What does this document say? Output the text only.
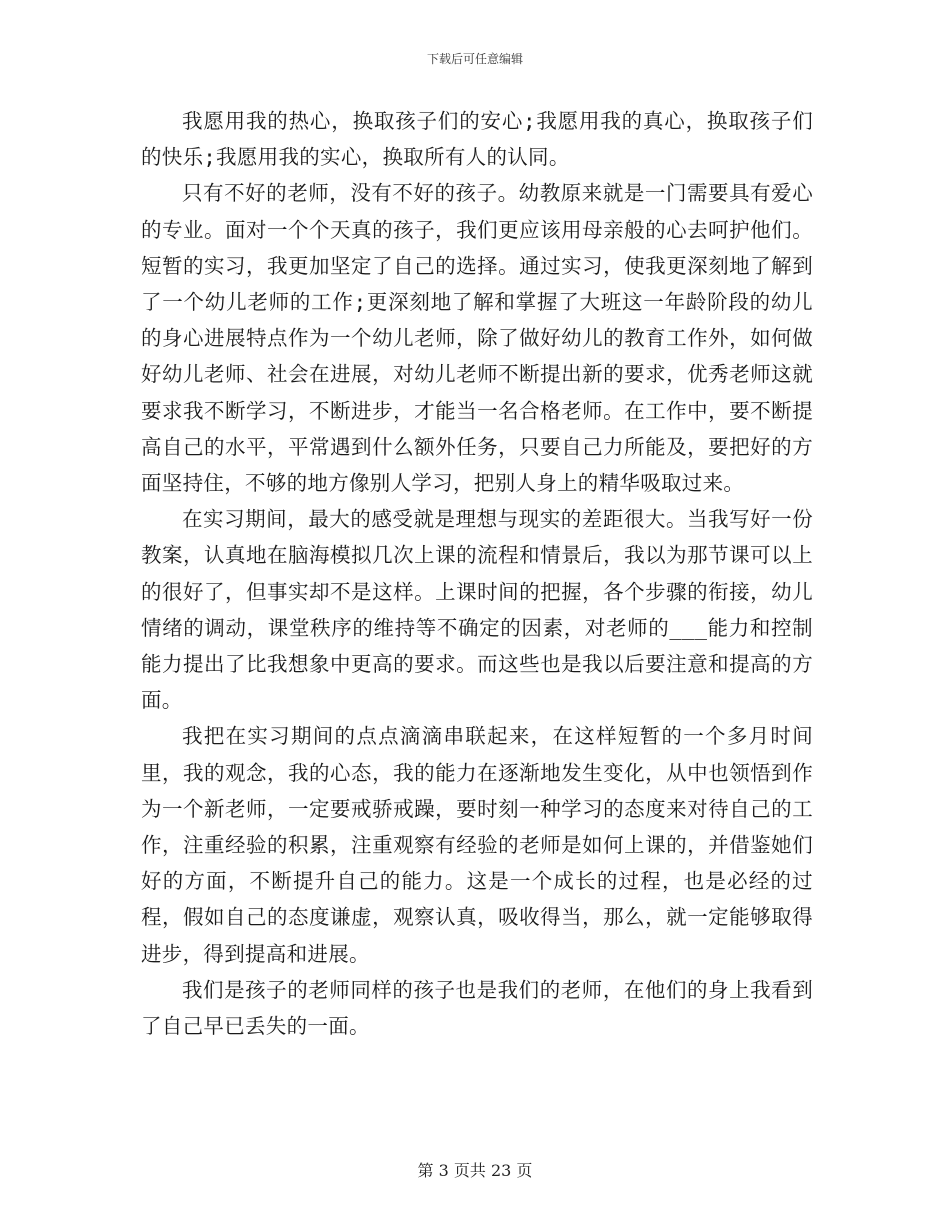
下载后可任意编辑

我愿用我的热心，换取孩子们的安心;我愿用我的真心，换取孩子们的快乐;我愿用我的实心，换取所有人的认同。

只有不好的老师，没有不好的孩子。幼教原来就是一门需要具有爱心的专业。面对一个个天真的孩子，我们更应该用母亲般的心去呵护他们。短暂的实习，我更加坚定了自己的选择。通过实习，使我更深刻地了解到了一个幼儿老师的工作;更深刻地了解和掌握了大班这一年龄阶段的幼儿的身心进展特点作为一个幼儿老师，除了做好幼儿的教育工作外，如何做好幼儿老师、社会在进展，对幼儿老师不断提出新的要求，优秀老师这就要求我不断学习，不断进步，才能当一名合格老师。在工作中，要不断提高自己的水平，平常遇到什么额外任务，只要自己力所能及，要把好的方面坚持住，不够的地方像别人学习，把别人身上的精华吸取过来。

在实习期间，最大的感受就是理想与现实的差距很大。当我写好一份教案，认真地在脑海模拟几次上课的流程和情景后，我以为那节课可以上的很好了，但事实却不是这样。上课时间的把握，各个步骤的衔接，幼儿情绪的调动，课堂秩序的维持等不确定的因素，对老师的___能力和控制能力提出了比我想象中更高的要求。而这些也是我以后要注意和提高的方面。

我把在实习期间的点点滴滴串联起来，在这样短暂的一个多月时间里，我的观念，我的心态，我的能力在逐渐地发生变化，从中也领悟到作为一个新老师，一定要戒骄戒躁，要时刻一种学习的态度来对待自己的工作，注重经验的积累，注重观察有经验的老师是如何上课的，并借鉴她们好的方面，不断提升自己的能力。这是一个成长的过程，也是必经的过程，假如自己的态度谦虚，观察认真，吸收得当，那么，就一定能够取得进步，得到提高和进展。

我们是孩子的老师同样的孩子也是我们的老师，在他们的身上我看到了自己早已丢失的一面。

第 3 页共 23 页
